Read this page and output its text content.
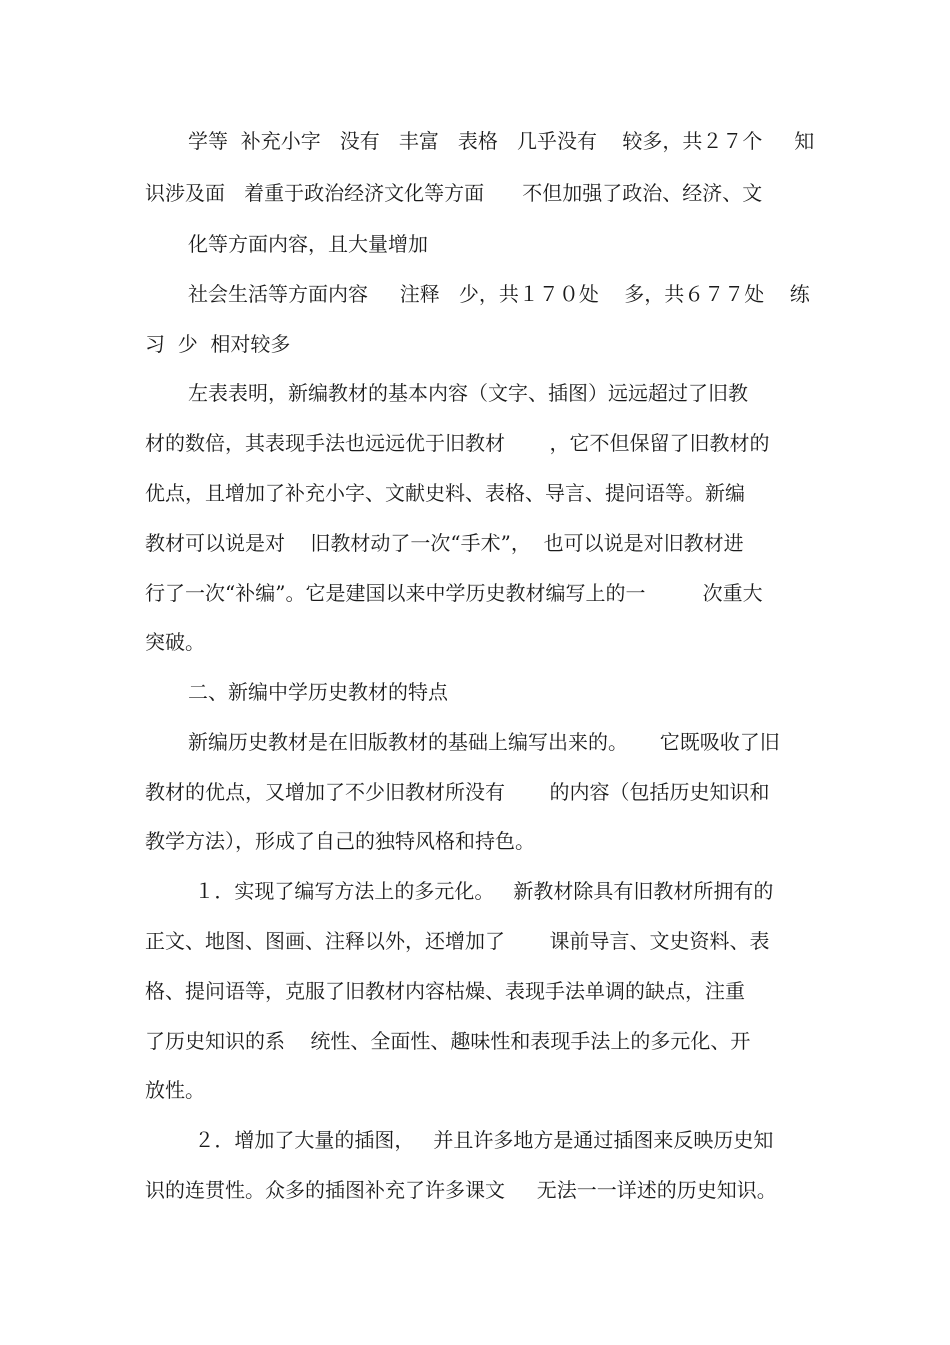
学等  补充小字   没有   丰富   表格   几乎没有    较多，共２７个     知

识涉及面   着重于政治经济文化等方面      不但加强了政治、经济、文

化等方面内容，且大量增加

社会生活等方面内容     注释   少，共１７０处    多，共６７７处    练

习  少  相对较多

左表表明，新编教材的基本内容（文字、插图）远远超过了旧教

材的数倍，其表现手法也远远优于旧教材       ，它不但保留了旧教材的

优点，且增加了补充小字、文献史料、表格、导言、提问语等。新编

教材可以说是对    旧教材动了一次“手术”，  也可以说是对旧教材进

行了一次“补编”。它是建国以来中学历史教材编写上的一         次重大

突破。

二、新编中学历史教材的特点

新编历史教材是在旧版教材的基础上编写出来的。     它既吸收了旧

教材的优点，又增加了不少旧教材所没有       的内容（包括历史知识和

教学方法），形成了自己的独特风格和持色。

１．实现了编写方法上的多元化。   新教材除具有旧教材所拥有的

正文、地图、图画、注释以外，还增加了       课前导言、文史资料、表

格、提问语等，克服了旧教材内容枯燥、表现手法单调的缺点，注重

了历史知识的系    统性、全面性、趣味性和表现手法上的多元化、开

放性。

２．增加了大量的插图，   并且许多地方是通过插图来反映历史知

识的连贯性。众多的插图补充了许多课文     无法一一详述的历史知识。
